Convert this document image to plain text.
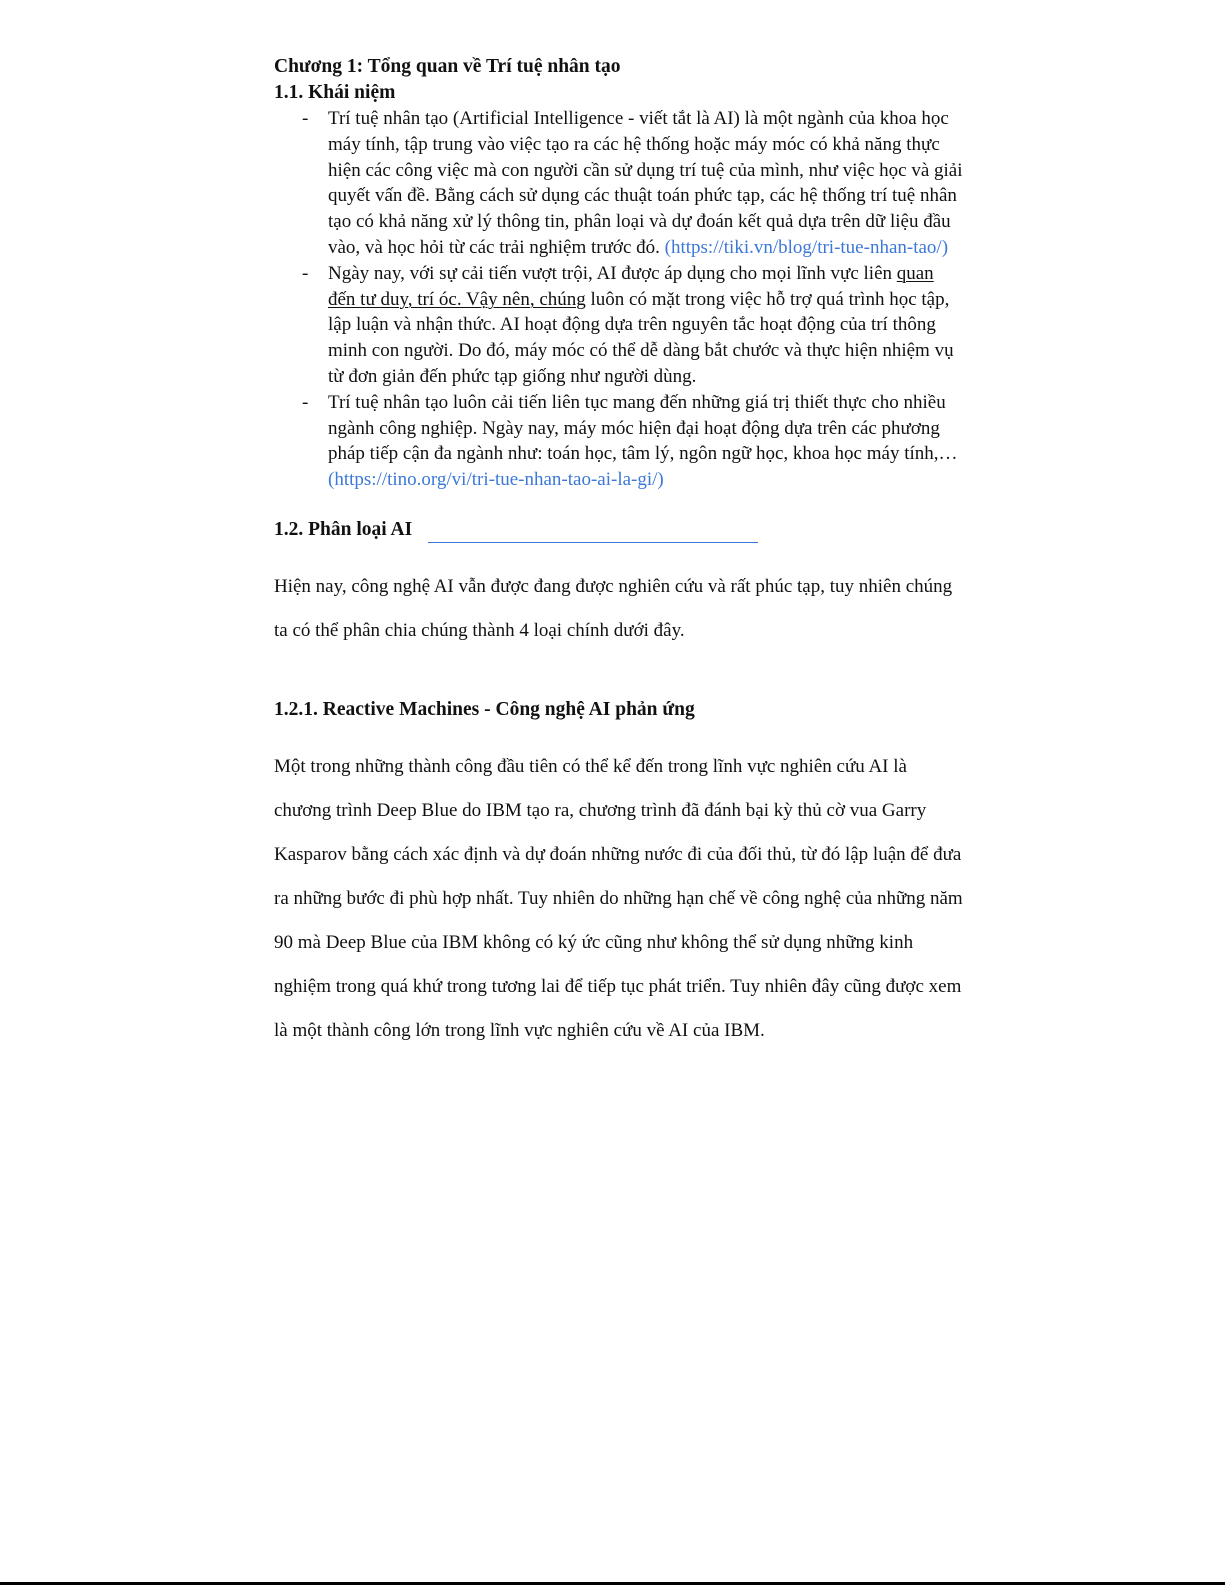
Chương 1: Tổng quan về Trí tuệ nhân tạo

1.1. Khái niệm

- Trí tuệ nhân tạo (Artificial Intelligence - viết tắt là AI) là một ngành của khoa học máy tính, tập trung vào việc tạo ra các hệ thống hoặc máy móc có khả năng thực hiện các công việc mà con người cần sử dụng trí tuệ của mình, như việc học và giải quyết vấn đề. Bằng cách sử dụng các thuật toán phức tạp, các hệ thống trí tuệ nhân tạo có khả năng xử lý thông tin, phân loại và dự đoán kết quả dựa trên dữ liệu đầu vào, và học hỏi từ các trải nghiệm trước đó. (https://tiki.vn/blog/tri-tue-nhan-tao/)
- Ngày nay, với sự cải tiến vượt trội, AI được áp dụng cho mọi lĩnh vực liên quan đến tư duy, trí óc. Vậy nên, chúng luôn có mặt trong việc hỗ trợ quá trình học tập, lập luận và nhận thức. AI hoạt động dựa trên nguyên tắc hoạt động của trí thông minh con người. Do đó, máy móc có thể dễ dàng bắt chước và thực hiện nhiệm vụ từ đơn giản đến phức tạp giống như người dùng.
- Trí tuệ nhân tạo luôn cải tiến liên tục mang đến những giá trị thiết thực cho nhiều ngành công nghiệp. Ngày nay, máy móc hiện đại hoạt động dựa trên các phương pháp tiếp cận đa ngành như: toán học, tâm lý, ngôn ngữ học, khoa học máy tính,…(https://tino.org/vi/tri-tue-nhan-tao-ai-la-gi/)

1.2. Phân loại AI

Hiện nay, công nghệ AI vẫn được đang được nghiên cứu và rất phúc tạp, tuy nhiên chúng ta có thể phân chia chúng thành 4 loại chính dưới đây.

1.2.1. Reactive Machines - Công nghệ AI phản ứng

Một trong những thành công đầu tiên có thể kể đến trong lĩnh vực nghiên cứu AI là chương trình Deep Blue do IBM tạo ra, chương trình đã đánh bại kỳ thủ cờ vua Garry Kasparov bằng cách xác định và dự đoán những nước đi của đối thủ, từ đó lập luận để đưa ra những bước đi phù hợp nhất. Tuy nhiên do những hạn chế về công nghệ của những năm 90 mà Deep Blue của IBM không có ký ức cũng như không thể sử dụng những kinh nghiệm trong quá khứ trong tương lai để tiếp tục phát triển. Tuy nhiên đây cũng được xem là một thành công lớn trong lĩnh vực nghiên cứu về AI của IBM.
